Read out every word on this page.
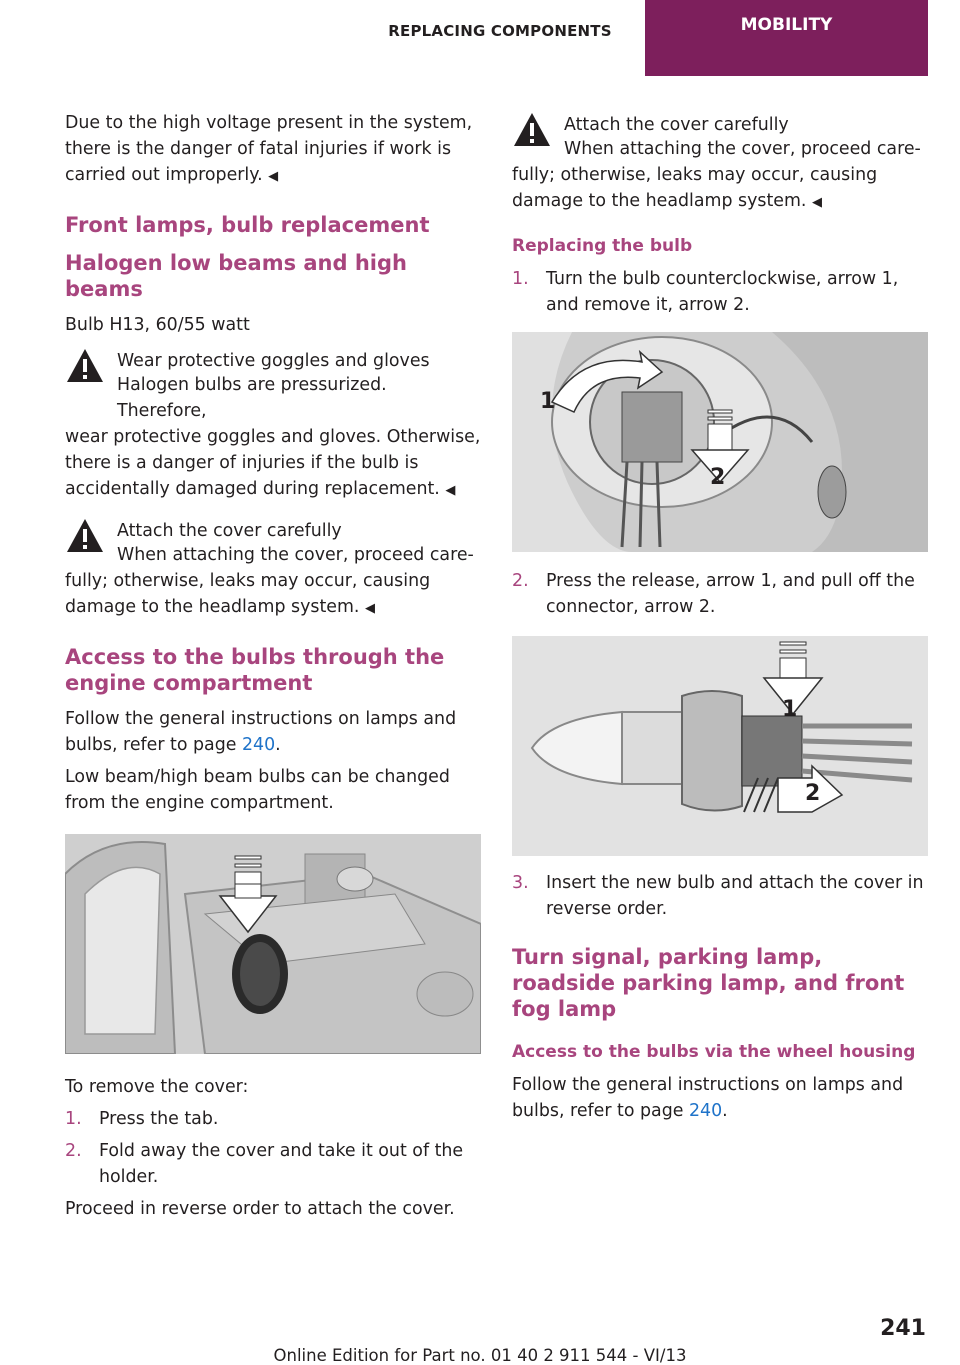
REPLACING COMPONENTS	MOBILITY

Due to the high voltage present in the system, there is the danger of fatal injuries if work is carried out improperly. ◀

Front lamps, bulb replacement
Halogen low beams and high beams

Bulb H13, 60/55 watt

Wear protective goggles and gloves
Halogen bulbs are pressurized. Therefore,
wear protective goggles and gloves. Otherwise, there is a danger of injuries if the bulb is accidentally damaged during replacement. ◀
Attach the cover carefully
When attaching the cover, proceed care-
fully; otherwise, leaks may occur, causing damage to the headlamp system. ◀
Access to the bulbs through the engine compartment

Follow the general instructions on lamps and bulbs, refer to page 240.

Low beam/high beam bulbs can be changed from the engine compartment.

To remove the cover:

1.	Press the tab.
2.	Fold away the cover and take it out of the holder.

Proceed in reverse order to attach the cover.

Attach the cover carefully
When attaching the cover, proceed care-
fully; otherwise, leaks may occur, causing damage to the headlamp system. ◀
Replacing the bulb
1.	Turn the bulb counterclockwise, arrow 1, and remove it, arrow 2.
1
2
2.	Press the release, arrow 1, and pull off the connector, arrow 2.
1
2
3.	Insert the new bulb and attach the cover in reverse order.
Turn signal, parking lamp, roadside parking lamp, and front fog lamp
Access to the bulbs via the wheel housing

Follow the general instructions on lamps and bulbs, refer to page 240.

241
Online Edition for Part no. 01 40 2 911 544 - VI/13
